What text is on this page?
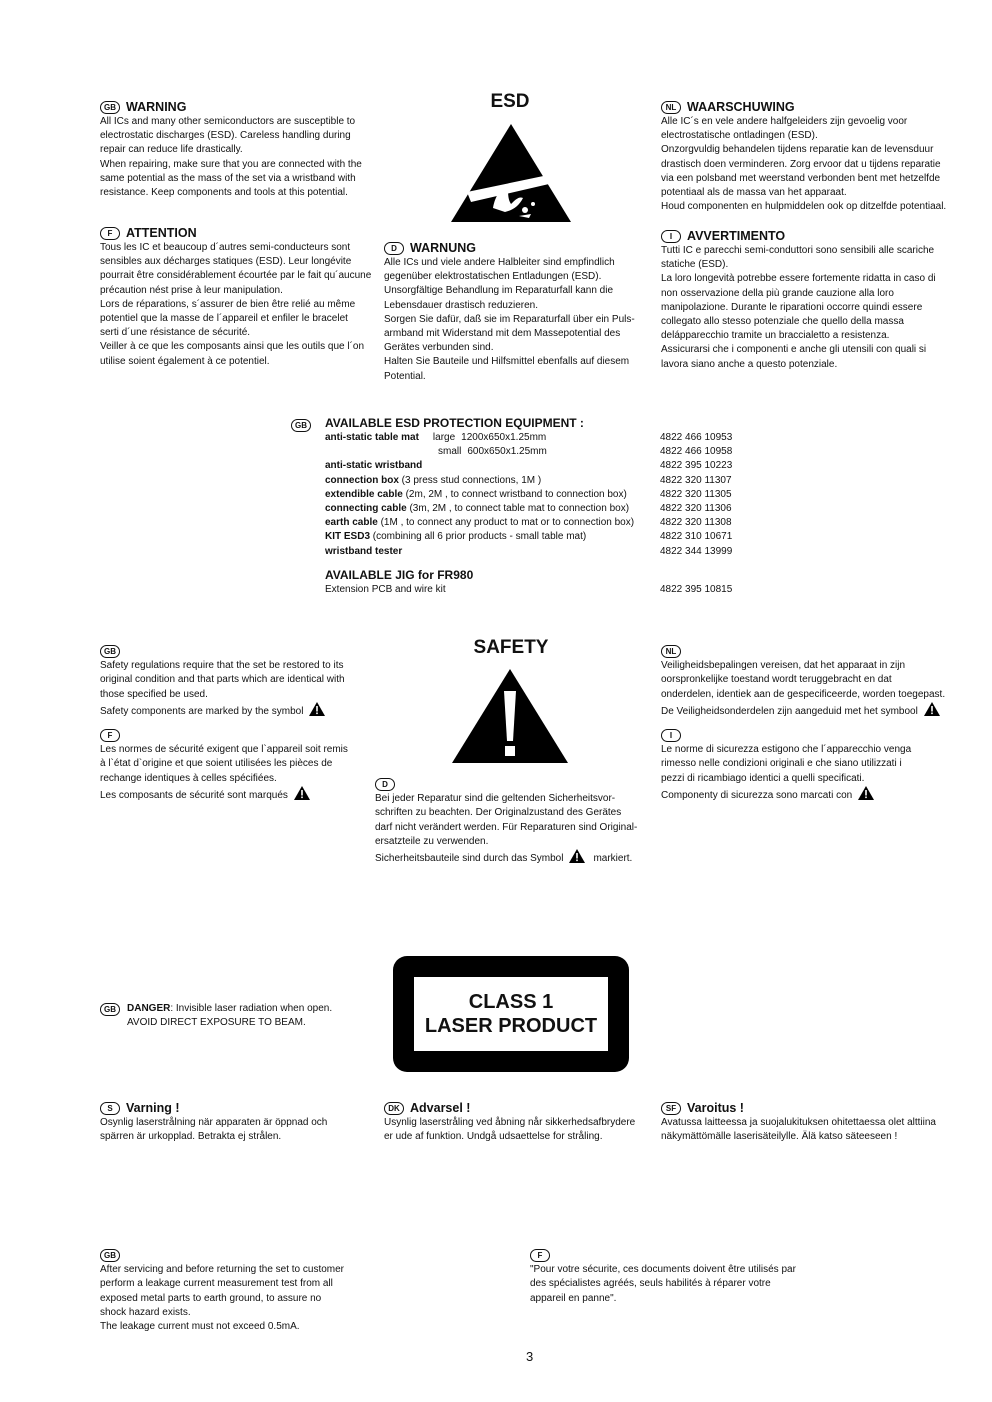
ESD
GB WARNING
All ICs and many other semiconductors are susceptible to
electrostatic discharges (ESD). Careless handling during
repair can reduce life drastically.
When repairing, make sure that you are connected with the
same potential as the mass of the set via a wristband with
resistance. Keep components and tools at this potential.
F	ATTENTION
Tous les IC et beaucoup d´autres semi-conducteurs sont
sensibles aux décharges statiques (ESD). Leur longévite
pourrait être considérablement écourtée par le fait qu´aucune
précaution nést prise à leur manipulation.
Lors de réparations, s´assurer de bien être relié au même
potentiel que la masse de l´appareil et enfiler le bracelet
serti d´une résistance de sécurité.
Veiller à ce que les composants ainsi que les outils que l´on
utilise soient également à ce potentiel.
D	WARNUNG
Alle ICs und viele andere Halbleiter sind empfindlich
gegenüber elektrostatischen Entladungen (ESD).
Unsorgfältige Behandlung im Reparaturfall kann die
Lebensdauer drastisch reduzieren.
Sorgen Sie dafür, daß sie im Reparaturfall über ein Puls-
armband mit Widerstand mit dem Massepotential des
Gerätes verbunden sind.
Halten Sie Bauteile und Hilfsmittel ebenfalls auf diesem
Potential.
NL WAARSCHUWING
Alle IC´s en vele andere halfgeleiders zijn gevoelig voor
electrostatische ontladingen (ESD).
Onzorgvuldig behandelen tijdens reparatie kan de levensduur
drastisch doen verminderen. Zorg ervoor dat u tijdens reparatie
via een polsband met weerstand verbonden bent met hetzelfde
potentiaal als de massa van het apparaat.
Houd componenten en hulpmiddelen ook op ditzelfde potentiaal.
I	AVVERTIMENTO
Tutti IC e parecchi semi-conduttori sono sensibili alle scariche
statiche (ESD).
La loro longevità potrebbe essere fortemente ridatta in caso di
non osservazione della più grande cauzione alla loro
manipolazione. Durante le riparationi occorre quindi essere
collegato allo stesso potenziale che quello della massa
delápparecchio tramite un braccialetto a resistenza.
Assicurarsi che i componenti e anche gli utensili con quali si
lavora siano anche a questo potenziale.
GB	AVAILABLE ESD PROTECTION EQUIPMENT :
anti-static table mat large 1200x650x1.25mm	4822 466 10953
small 600x650x1.25mm	4822 466 10958
anti-static wristband	4822 395 10223
connection box (3 press stud connections, 1M )	4822 320 11307
extendible cable (2m, 2M , to connect wristband to connection box)	4822 320 11305
connecting cable (3m, 2M , to connect table mat to connection box)	4822 320 11306
earth cable (1M , to connect any product to mat or to connection box)	4822 320 11308
KIT ESD3 (combining all 6 prior products - small table mat)	4822 310 10671
wristband tester	4822 344 13999
AVAILABLE JIG for FR980
Extension PCB and wire kit	4822 395 10815
SAFETY
GB
Safety regulations require that the set be restored to its
original condition and that parts which are identical with
those specified be used.
Safety components are marked by the symbol
F
Les normes de sécurité exigent que l`appareil soit remis
à l`état d`origine et que soient utilisées les pièces de
rechange identiques à celles spécifiées.
Les composants de sécurité sont marqués
D
Bei jeder Reparatur sind die geltenden Sicherheitsvor-
schriften zu beachten. Der Originalzustand des Gerätes
darf nicht verändert werden. Für Reparaturen sind Original-
ersatzteile zu verwenden.
Sicherheitsbauteile sind durch das Symbol	markiert.
NL
Veiligheidsbepalingen vereisen, dat het apparaat in zijn
oorspronkelijke toestand wordt teruggebracht en dat
onderdelen, identiek aan de gespecificeerde, worden toegepast.
De Veiligheidsonderdelen zijn aangeduid met het symbool
I
Le norme di sicurezza estigono che l´apparecchio venga
rimesso nelle condizioni originali e che siano utilizzati i
pezzi di ricambiago identici a quelli specificati.
Componenty di sicurezza sono marcati con
CLASS 1
LASER PRODUCT
GB	DANGER: Invisible laser radiation when open.
AVOID DIRECT EXPOSURE TO BEAM.
S	Varning !
Osynlig laserstrålning när apparaten är öppnad och
spärren är urkopplad. Betrakta ej strålen.
DK Advarsel !
Usynlig laserstråling ved åbning når sikkerhedsafbrydere
er ude af funktion. Undgå udsaettelse for stråling.
SF Varoitus !
Avatussa laitteessa ja suojalukituksen ohitettaessa olet alttiina
näkymättömälle laserisäteilylle. Älä katso säteeseen !
GB
After servicing and before returning the set to customer
perform a leakage current measurement test from all
exposed metal parts to earth ground, to assure no
shock hazard exists.
The leakage current must not exceed 0.5mA.
F
"Pour votre sécurite, ces documents doivent être utilisés par
des spécialistes agréés, seuls habilités à réparer votre
appareil en panne".
3
